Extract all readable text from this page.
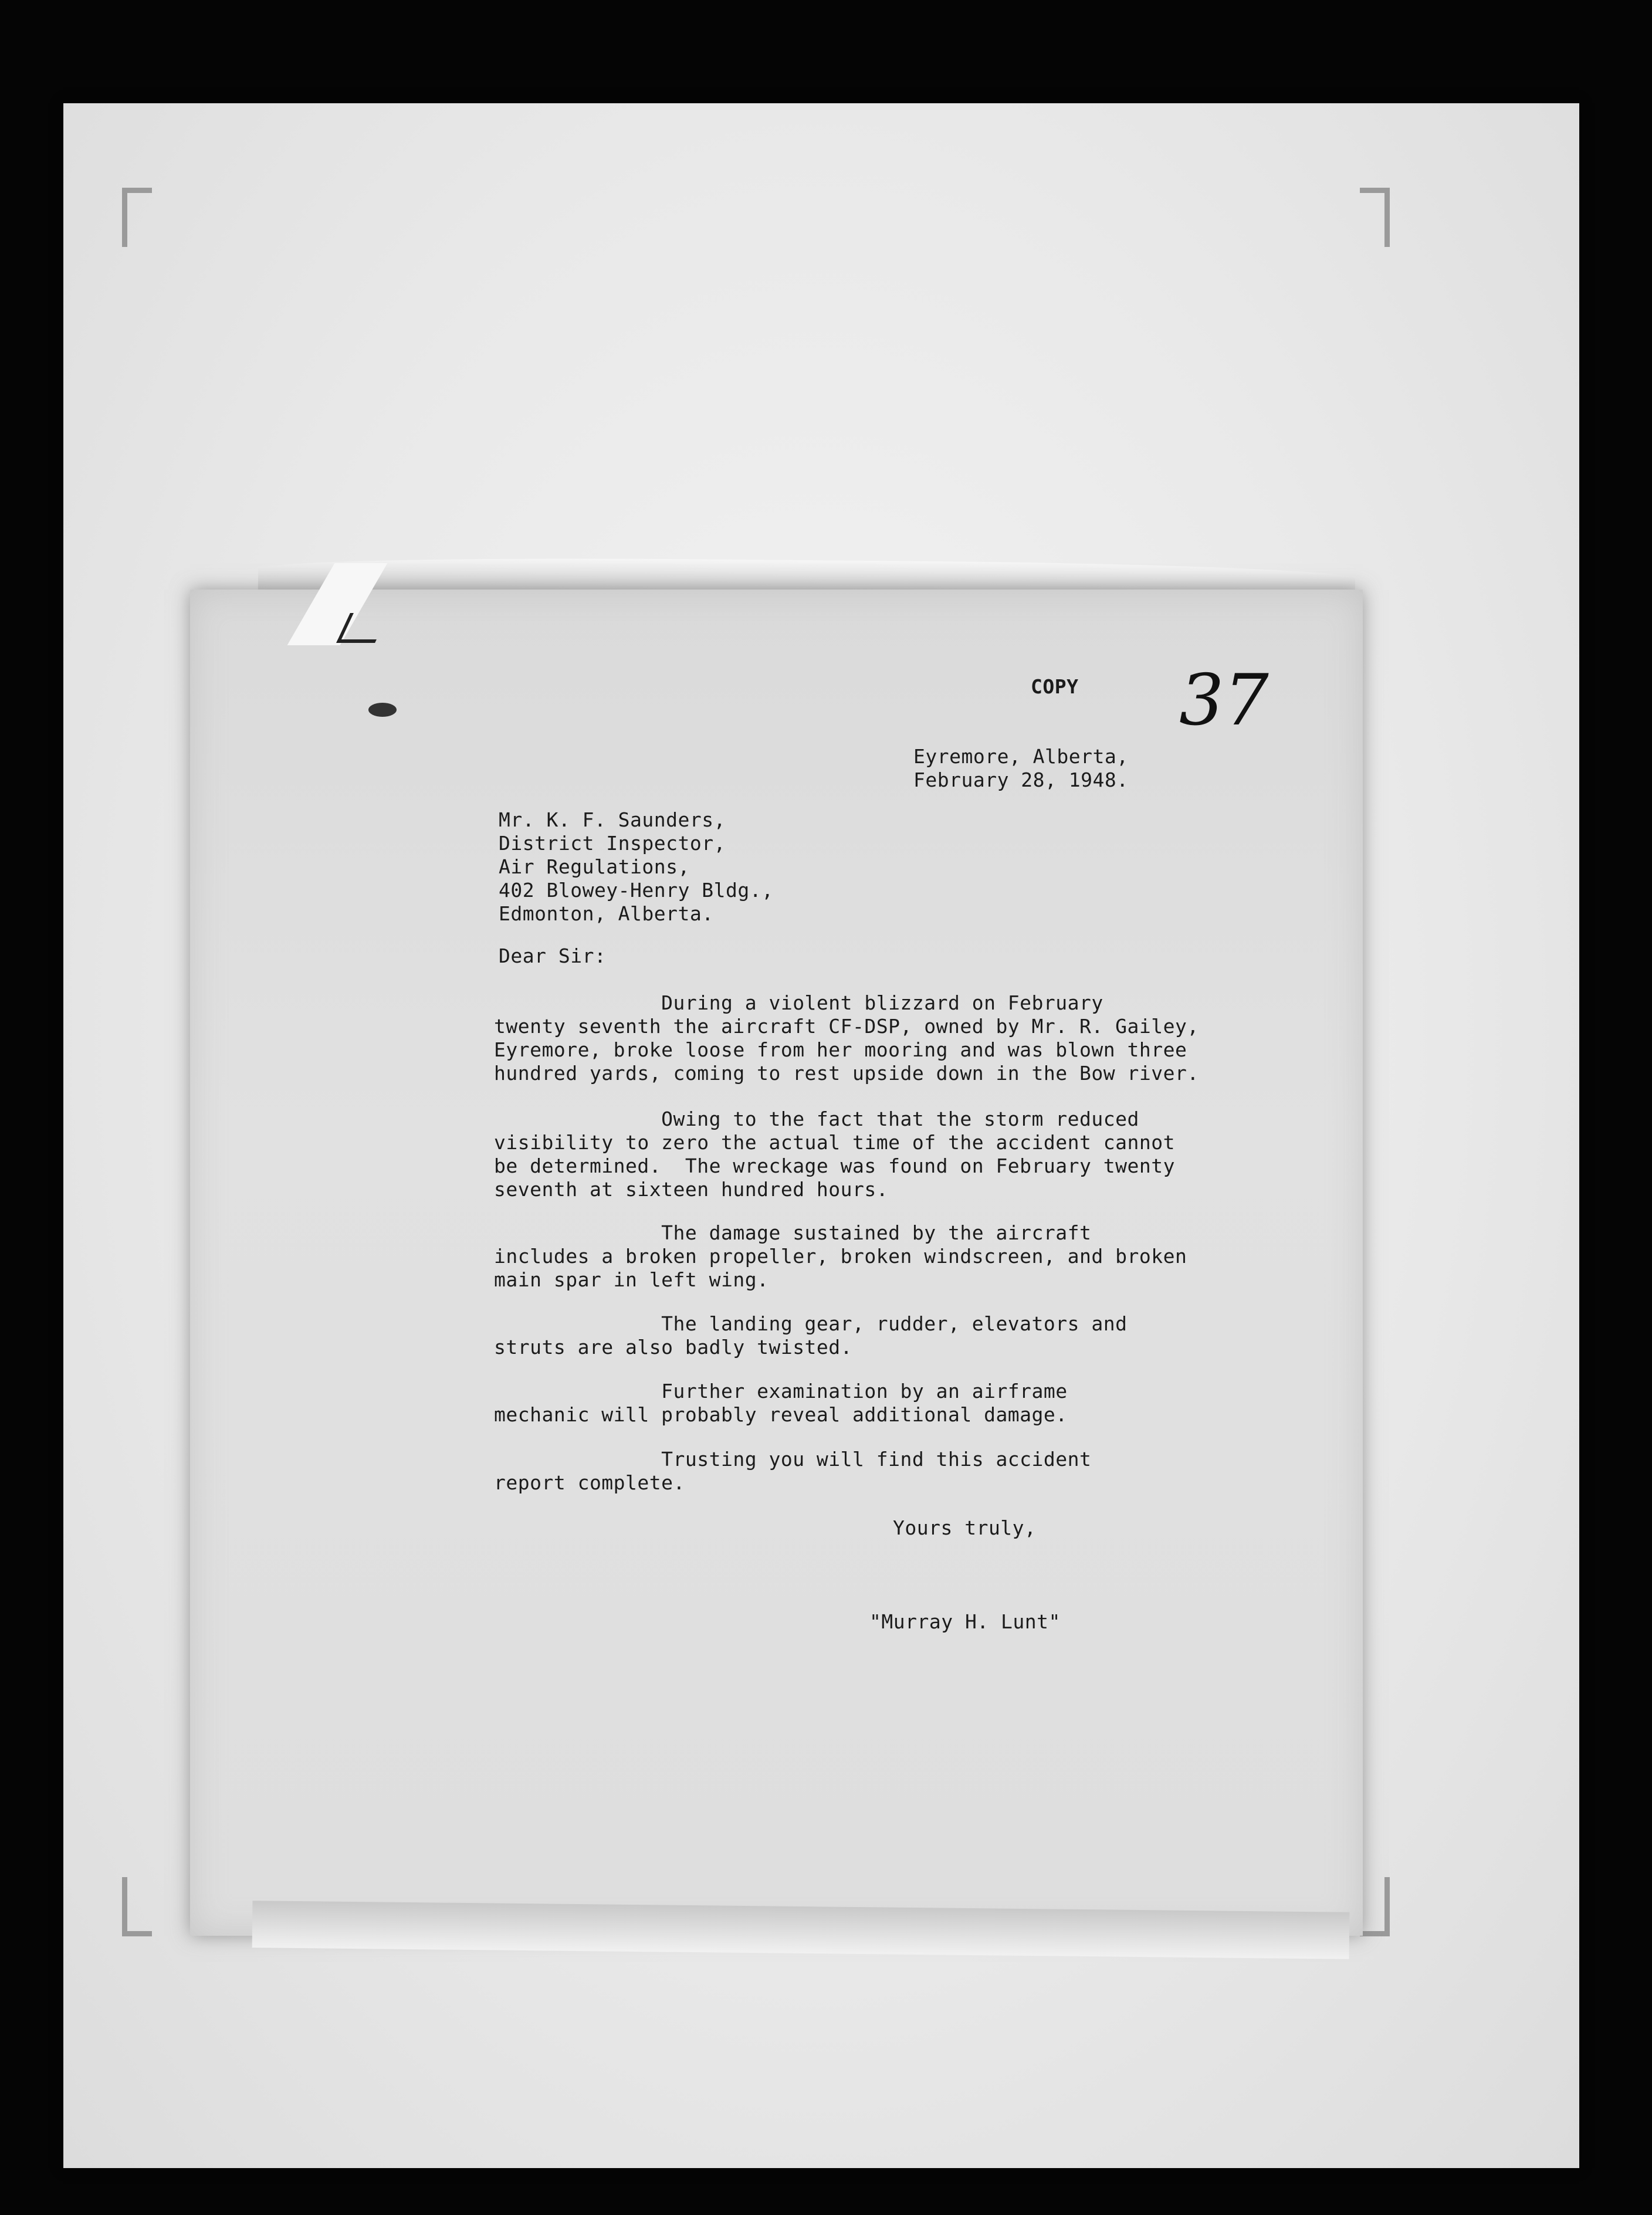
COPY 37
Eyremore, Alberta,
February 28, 1948.
Mr. K. F. Saunders,
District Inspector,
Air Regulations,
402 Blowey-Henry Bldg.,
Edmonton, Alberta.
Dear Sir:
During a violent blizzard on February
twenty seventh the aircraft CF-DSP, owned by Mr. R. Gailey,
Eyremore, broke loose from her mooring and was blown three
hundred yards, coming to rest upside down in the Bow river.
Owing to the fact that the storm reduced
visibility to zero the actual time of the accident cannot
be determined.  The wreckage was found on February twenty
seventh at sixteen hundred hours.
The damage sustained by the aircraft
includes a broken propeller, broken windscreen, and broken
main spar in left wing.
The landing gear, rudder, elevators and
struts are also badly twisted.
Further examination by an airframe
mechanic will probably reveal additional damage.
Trusting you will find this accident
report complete.
Yours truly,
"Murray H. Lunt"
